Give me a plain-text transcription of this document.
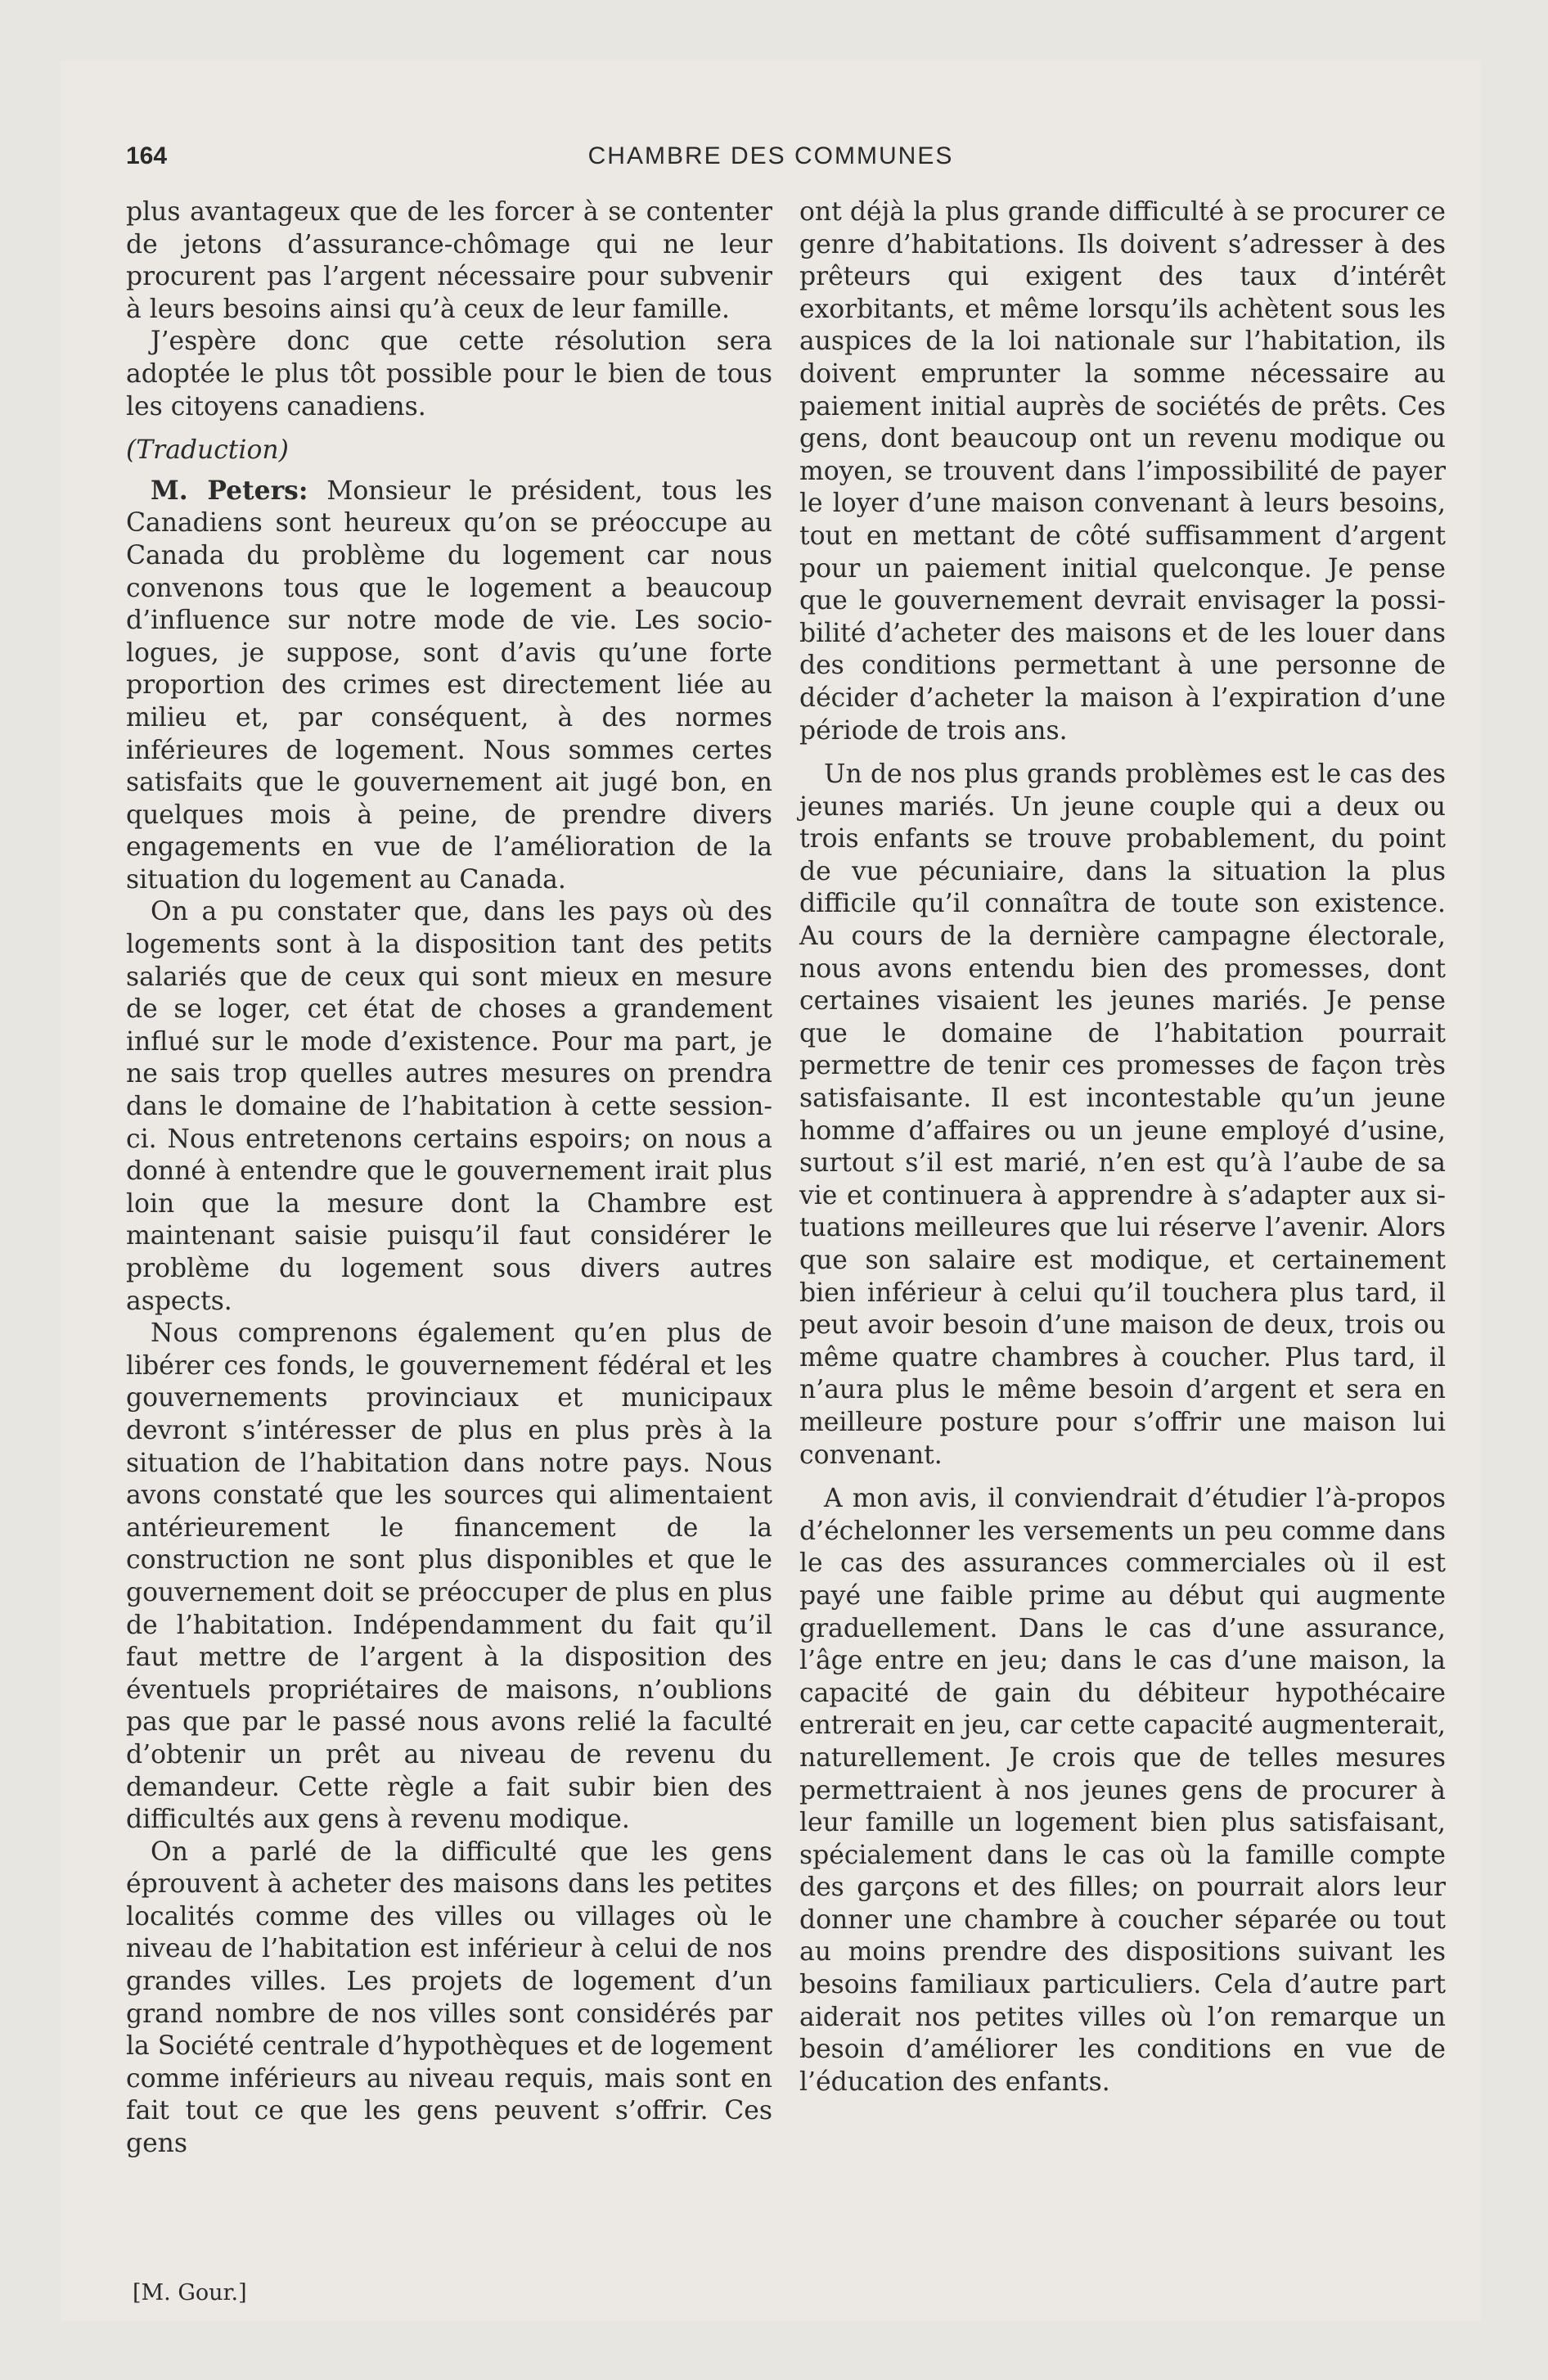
164	CHAMBRE DES COMMUNES

plus avantageux que de les forcer à se contenter de jetons d’assurance-chômage qui ne leur procurent pas l’argent nécessaire pour subvenir à leurs besoins ainsi qu’à ceux de leur famille.

J’espère donc que cette résolution sera adoptée le plus tôt possible pour le bien de tous les citoyens canadiens.

(Traduction)

M. Peters: Monsieur le président, tous les Canadiens sont heureux qu’on se préoccupe au Canada du problème du logement car nous convenons tous que le logement a beaucoup d’influence sur notre mode de vie. Les sociologues, je suppose, sont d’avis qu’une forte proportion des crimes est directement liée au milieu et, par conséquent, à des normes inférieures de logement. Nous sommes certes satisfaits que le gouvernement ait jugé bon, en quelques mois à peine, de prendre divers engagements en vue de l’amélioration de la situation du logement au Canada.

On a pu constater que, dans les pays où des logements sont à la disposition tant des petits salariés que de ceux qui sont mieux en mesure de se loger, cet état de choses a grandement influé sur le mode d’existence. Pour ma part, je ne sais trop quelles autres mesures on prendra dans le domaine de l’habitation à cette session-ci. Nous entretenons certains espoirs; on nous a donné à entendre que le gouvernement irait plus loin que la mesure dont la Chambre est maintenant saisie puisqu’il faut considérer le problème du logement sous divers autres aspects.

Nous comprenons également qu’en plus de libérer ces fonds, le gouvernement fédéral et les gouvernements provinciaux et municipaux devront s’intéresser de plus en plus près à la situation de l’habitation dans notre pays. Nous avons constaté que les sources qui alimentaient antérieurement le financement de la construction ne sont plus disponibles et que le gouvernement doit se préoccuper de plus en plus de l’habitation. Indépendamment du fait qu’il faut mettre de l’argent à la disposition des éventuels propriétaires de maisons, n’oublions pas que par le passé nous avons relié la faculté d’obtenir un prêt au niveau de revenu du demandeur. Cette règle a fait subir bien des difficultés aux gens à revenu modique.

On a parlé de la difficulté que les gens éprouvent à acheter des maisons dans les petites localités comme des villes ou villages où le niveau de l’habitation est inférieur à celui de nos grandes villes. Les projets de logement d’un grand nombre de nos villes sont considérés par la Société centrale d’hypothèques et de logement comme inférieurs au niveau requis, mais sont en fait tout ce que les gens peuvent s’offrir. Ces gens

ont déjà la plus grande difficulté à se procurer ce genre d’habitations. Ils doivent s’adresser à des prêteurs qui exigent des taux d’intérêt exorbitants, et même lorsqu’ils achètent sous les auspices de la loi nationale sur l’habitation, ils doivent emprunter la somme nécessaire au paiement initial auprès de sociétés de prêts. Ces gens, dont beaucoup ont un revenu modique ou moyen, se trouvent dans l’impossibilité de payer le loyer d’une maison convenant à leurs besoins, tout en mettant de côté suffisamment d’argent pour un paiement initial quelconque. Je pense que le gouvernement devrait envisager la possibilité d’acheter des maisons et de les louer dans des conditions permettant à une personne de décider d’acheter la maison à l’expiration d’une période de trois ans.

Un de nos plus grands problèmes est le cas des jeunes mariés. Un jeune couple qui a deux ou trois enfants se trouve probablement, du point de vue pécuniaire, dans la situation la plus difficile qu’il connaîtra de toute son existence. Au cours de la dernière campagne électorale, nous avons entendu bien des promesses, dont certaines visaient les jeunes mariés. Je pense que le domaine de l’habitation pourrait permettre de tenir ces promesses de façon très satisfaisante. Il est incontestable qu’un jeune homme d’affaires ou un jeune employé d’usine, surtout s’il est marié, n’en est qu’à l’aube de sa vie et continuera à apprendre à s’adapter aux situations meilleures que lui réserve l’avenir. Alors que son salaire est modique, et certainement bien inférieur à celui qu’il touchera plus tard, il peut avoir besoin d’une maison de deux, trois ou même quatre chambres à coucher. Plus tard, il n’aura plus le même besoin d’argent et sera en meilleure posture pour s’offrir une maison lui convenant.

A mon avis, il conviendrait d’étudier l’à-propos d’échelonner les versements un peu comme dans le cas des assurances commerciales où il est payé une faible prime au début qui augmente graduellement. Dans le cas d’une assurance, l’âge entre en jeu; dans le cas d’une maison, la capacité de gain du débiteur hypothécaire entrerait en jeu, car cette capacité augmenterait, naturellement. Je crois que de telles mesures permettraient à nos jeunes gens de procurer à leur famille un logement bien plus satisfaisant, spécialement dans le cas où la famille compte des garçons et des filles; on pourrait alors leur donner une chambre à coucher séparée ou tout au moins prendre des dispositions suivant les besoins familiaux particuliers. Cela d’autre part aiderait nos petites villes où l’on remarque un besoin d’améliorer les conditions en vue de l’éducation des enfants.

[M. Gour.]
